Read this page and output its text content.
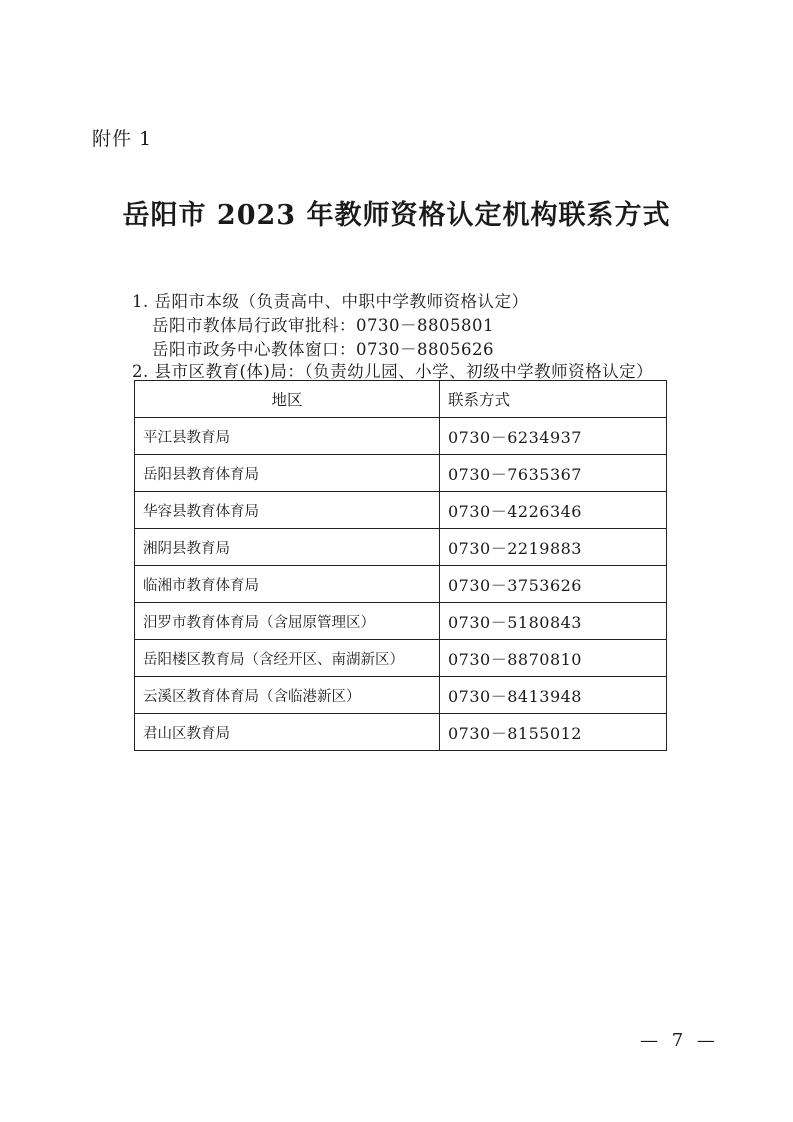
附件 1
岳阳市 2023 年教师资格认定机构联系方式
1. 岳阳市本级（负责高中、中职中学教师资格认定）
岳阳市教体局行政审批科：0730－8805801
岳阳市政务中心教体窗口：0730－8805626
2. 县市区教育(体)局：（负责幼儿园、小学、初级中学教师资格认定）
地区	联系方式
平江县教育局	0730－6234937
岳阳县教育体育局	0730－7635367
华容县教育体育局	0730－4226346
湘阴县教育局	0730－2219883
临湘市教育体育局	0730－3753626
汨罗市教育体育局（含屈原管理区）	0730－5180843
岳阳楼区教育局（含经开区、南湖新区）	0730－8870810
云溪区教育体育局（含临港新区）	0730－8413948
君山区教育局	0730－8155012
— 7 —
